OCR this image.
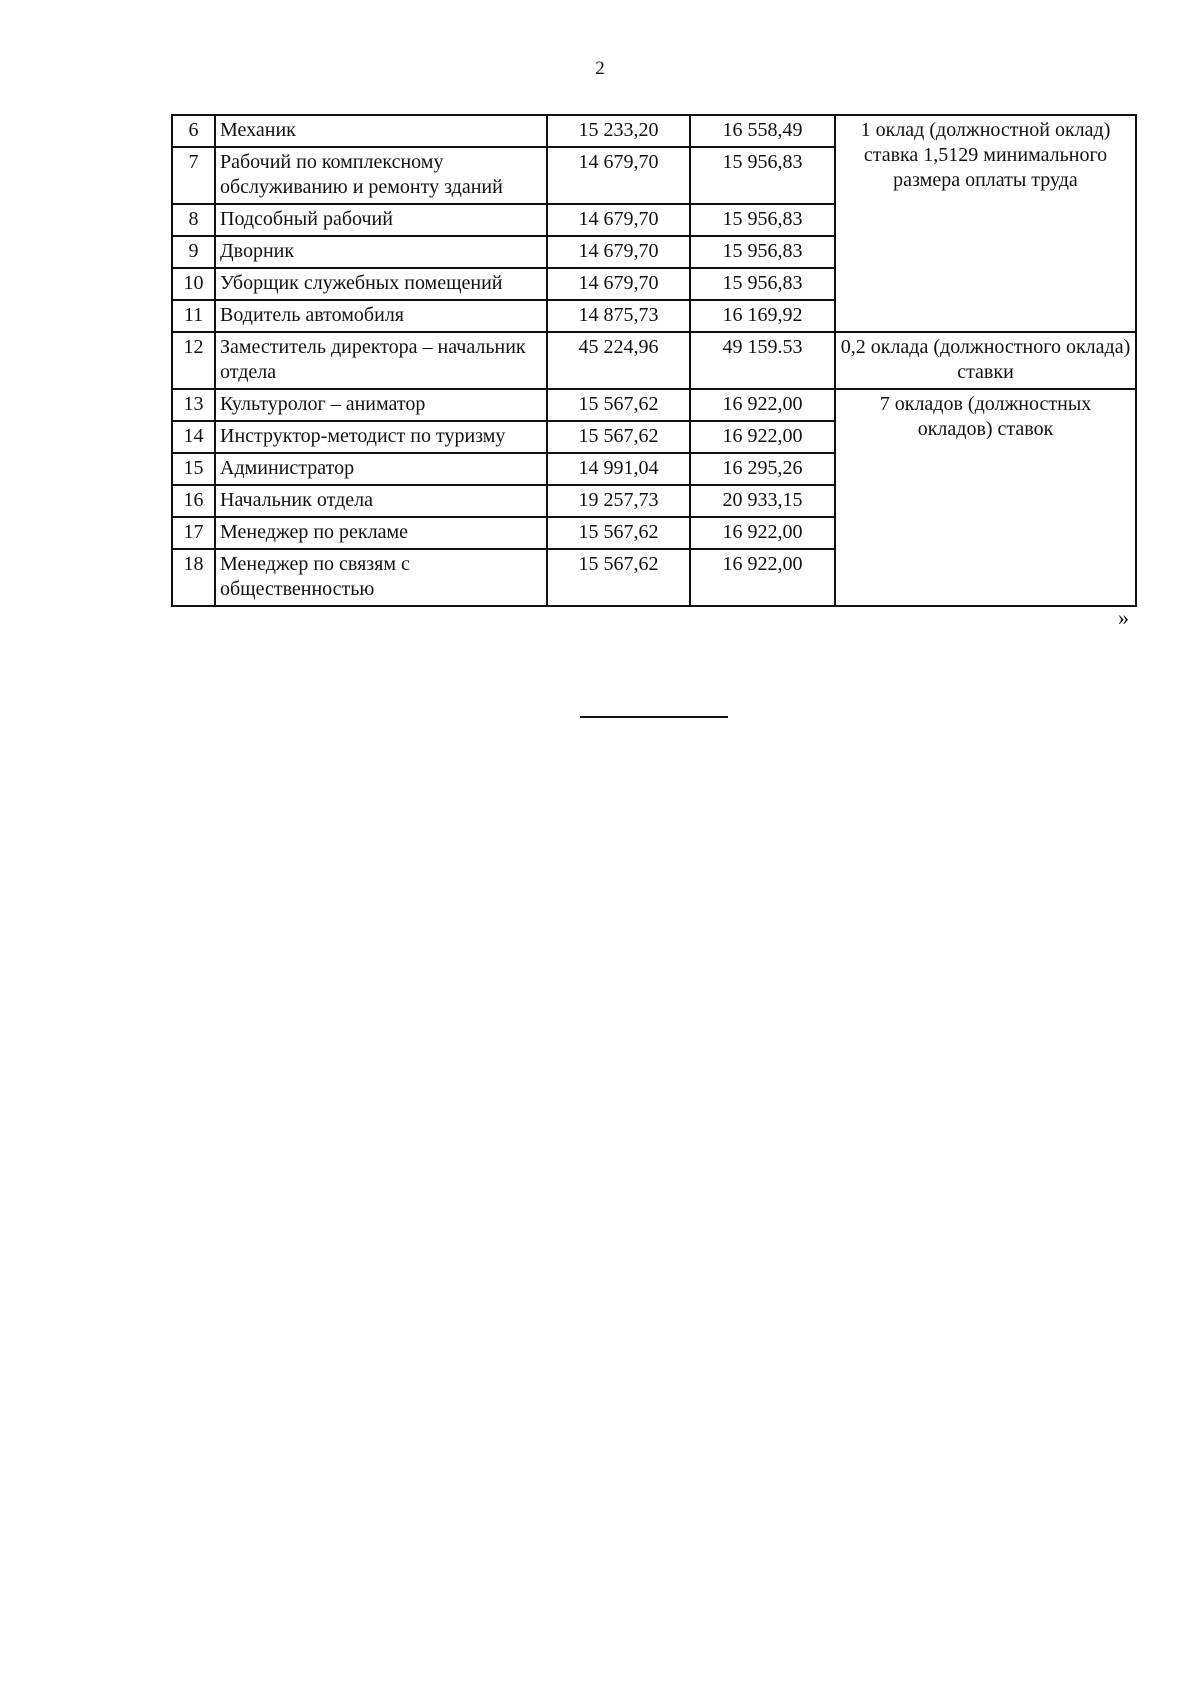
2
6	Механик	15 233,20	16 558,49	1 оклад (должностной оклад) ставка 1,5129 минимального размера оплаты труда
7	Рабочий по комплексному обслуживанию и ремонту зданий	14 679,70	15 956,83	
8	Подсобный рабочий	14 679,70	15 956,83	
9	Дворник	14 679,70	15 956,83	
10	Уборщик служебных помещений	14 679,70	15 956,83	
11	Водитель автомобиля	14 875,73	16 169,92	
12	Заместитель директора – начальник отдела	45 224,96	49 159.53	0,2 оклада (должностного оклада) ставки
13	Культуролог – аниматор	15 567,62	16 922,00	7 окладов (должностных окладов) ставок
14	Инструктор-методист по туризму	15 567,62	16 922,00	
15	Администратор	14 991,04	16 295,26	
16	Начальник отдела	19 257,73	20 933,15	
17	Менеджер по рекламе	15 567,62	16 922,00	
18	Менеджер по связям с общественностью	15 567,62	16 922,00	
»
